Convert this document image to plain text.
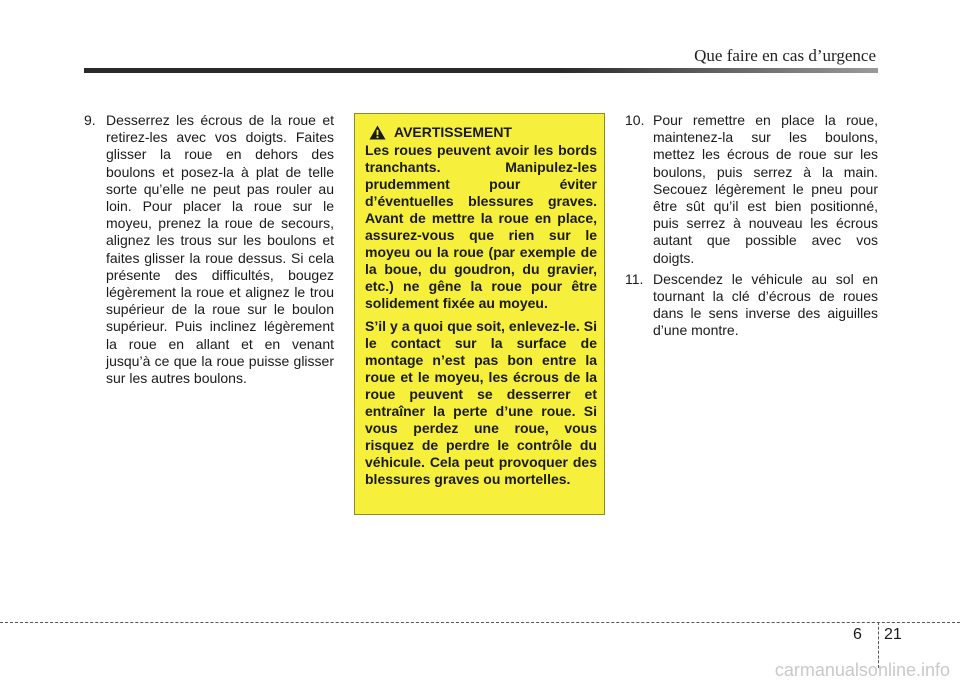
Que faire en cas d’urgence
9. Desserrez les écrous de la roue et retirez-les avec vos doigts. Faites glisser la roue en dehors des boulons et posez-la à plat de telle sorte qu’elle ne peut pas rouler au loin. Pour placer la roue sur le moyeu, prenez la roue de secours, alignez les trous sur les boulons et faites glisser la roue dessus. Si cela présente des difficultés, bougez légèrement la roue et alignez le trou supérieur de la roue sur le boulon supérieur. Puis inclinez légèrement la roue en allant et en venant jusqu’à ce que la roue puisse glisser sur les autres boulons.
AVERTISSEMENT

Les roues peuvent avoir les bords tranchants. Manipulez-les prudemment pour éviter d’éventuelles blessures graves. Avant de mettre la roue en place, assurez-vous que rien sur le moyeu ou la roue (par exemple de la boue, du goudron, du gravier, etc.) ne gêne la roue pour être solidement fixée au moyeu.

S’il y a quoi que soit, enlevez-le. Si le contact sur la surface de montage n’est pas bon entre la roue et le moyeu, les écrous de la roue peuvent se desserrer et entraîner la perte d’une roue. Si vous perdez une roue, vous risquez de perdre le contrôle du véhicule. Cela peut provoquer des blessures graves ou mortelles.

10. Pour remettre en place la roue, maintenez-la sur les boulons, mettez les écrous de roue sur les boulons, puis serrez à la main. Secouez légèrement le pneu pour être sût qu’il est bien positionné, puis serrez à nouveau les écrous autant que possible avec vos doigts.
11. Descendez le véhicule au sol en tournant la clé d’écrous de roues dans le sens inverse des aiguilles d’une montre.
6 21
carmanualsonline.info
